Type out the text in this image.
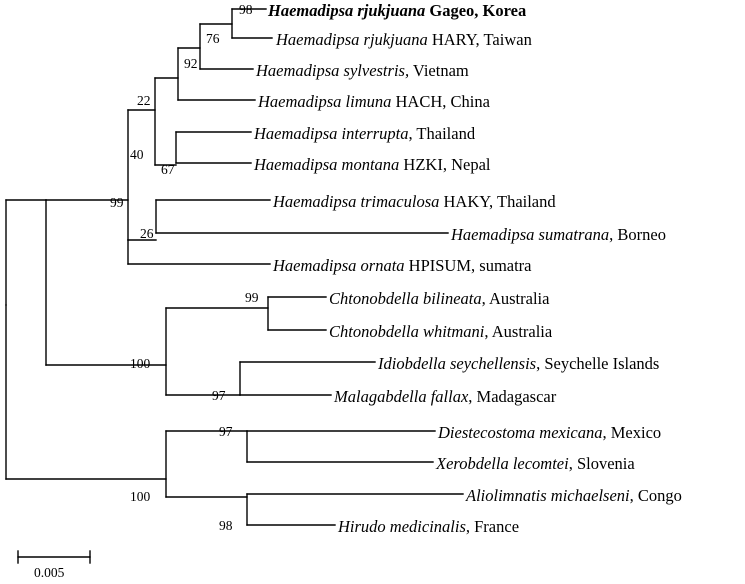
Haemadipsa rjukjuana Gageo, Korea
Haemadipsa rjukjuana HARY, Taiwan
Haemadipsa sylvestris, Vietnam
Haemadipsa limuna HACH, China
Haemadipsa interrupta, Thailand
Haemadipsa montana HZKI, Nepal
Haemadipsa trimaculosa HAKY, Thailand
Haemadipsa sumatrana, Borneo
Haemadipsa ornata HPISUM, sumatra
Chtonobdella bilineata, Australia
Chtonobdella whitmani, Australia
Idiobdella seychellensis, Seychelle Islands
Malagabdella fallax, Madagascar
Diestecostoma mexicana, Mexico
Xerobdella lecomtei, Slovenia
Aliolimnatis michaelseni, Congo
Hirudo medicinalis, France
98
76
92
22
40
67
99
26
99
100
97
97
100
98
0.005
